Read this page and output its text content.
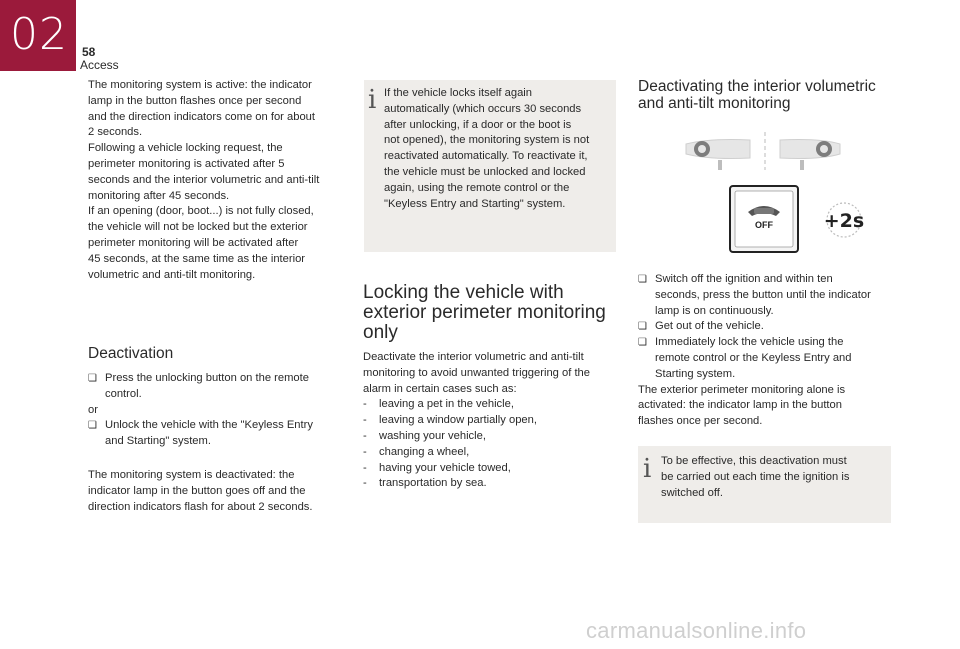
02 58
Access

The monitoring system is active: the indicator

lamp in the button flashes once per second

and the direction indicators come on for about

2 seconds.

Following a vehicle locking request, the

perimeter monitoring is activated after 5

seconds and the interior volumetric and anti-tilt

monitoring after 45 seconds.

If an opening (door, boot...) is not fully closed,

the vehicle will not be locked but the exterior

perimeter monitoring will be activated after

45 seconds, at the same time as the interior

volumetric and anti-tilt monitoring.

Deactivation
❏ Press the unlocking button on the remote

control.

or

❏ Unlock the vehicle with the "Keyless Entry

and Starting" system.

The monitoring system is deactivated: the

indicator lamp in the button goes off and the

direction indicators flash for about 2 seconds.

i If the vehicle locks itself again

automatically (which occurs 30 seconds

after unlocking, if a door or the boot is

not opened), the monitoring system is not

reactivated automatically. To reactivate it,

the vehicle must be unlocked and locked

again, using the remote control or the

"Keyless Entry and Starting" system.

Locking the vehicle with
exterior perimeter monitoring
only

Deactivate the interior volumetric and anti-tilt

monitoring to avoid unwanted triggering of the

alarm in certain cases such as:

- leaving a pet in the vehicle,

- leaving a window partially open,

- washing your vehicle,

- changing a wheel,

- having your vehicle towed,

- transportation by sea.

Deactivating the interior volumetric
and anti-tilt monitoring
OFF	+2s
❏ Switch off the ignition and within ten

seconds, press the button until the indicator

lamp is on continuously.

❏ Get out of the vehicle.

❏ Immediately lock the vehicle using the

remote control or the Keyless Entry and

Starting system.

The exterior perimeter monitoring alone is

activated: the indicator lamp in the button

flashes once per second.

i To be effective, this deactivation must

be carried out each time the ignition is

switched off.

carmanualsonline.info
